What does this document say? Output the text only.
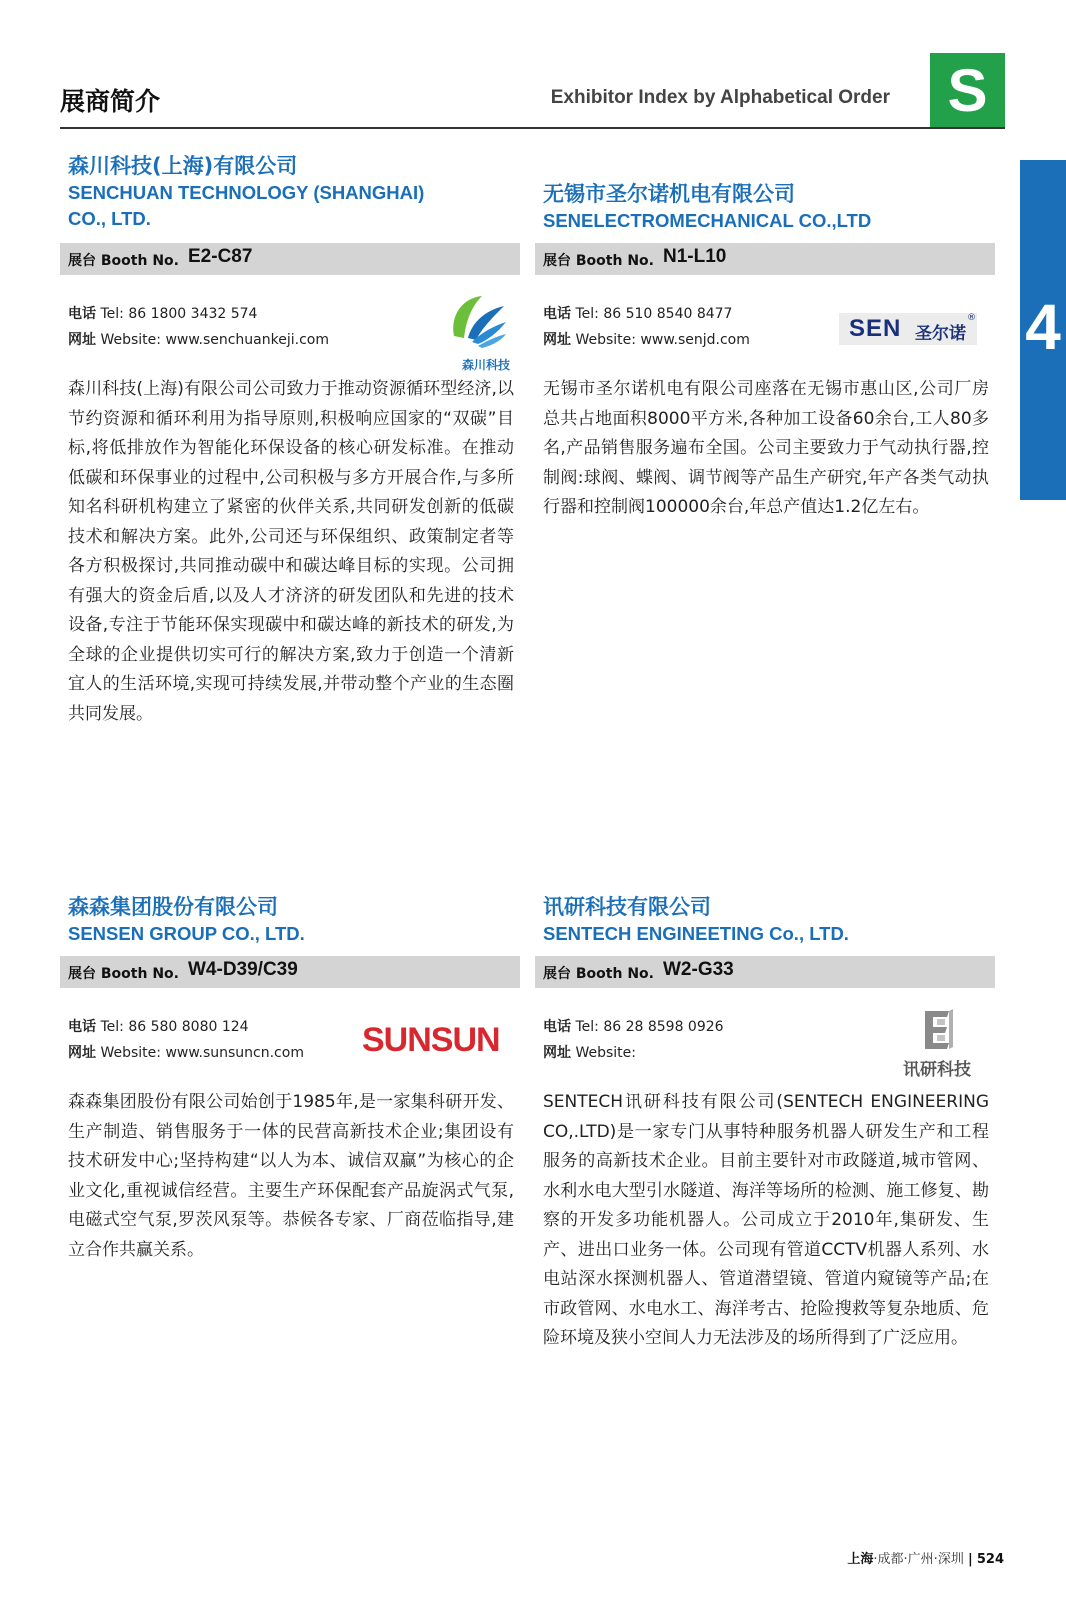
展商简介	Exhibitor Index by Alphabetical Order S
4
森川科技(上海)有限公司
SENCHUAN TECHNOLOGY (SHANGHAI)
CO., LTD.
展台 Booth No. E2-C87
电话 Tel: 86 1800 3432 574
网址 Website: www.senchuankeji.com
森川科技
森川科技(上海)有限公司公司致力于推动资源循环型经济,以节约资源和循环利用为指导原则,积极响应国家的“双碳”目标,将低排放作为智能化环保设备的核心研发标准。在推动低碳和环保事业的过程中,公司积极与多方开展合作,与多所知名科研机构建立了紧密的伙伴关系,共同研发创新的低碳技术和解决方案。此外,公司还与环保组织、政策制定者等各方积极探讨,共同推动碳中和碳达峰目标的实现。公司拥有强大的资金后盾,以及人才济济的研发团队和先进的技术设备,专注于节能环保实现碳中和碳达峰的新技术的研发,为全球的企业提供切实可行的解决方案,致力于创造一个清新宜人的生活环境,实现可持续发展,并带动整个产业的生态圈共同发展。
无锡市圣尔诺机电有限公司
SENELECTROMECHANICAL CO.,LTD
展台 Booth No. N1-L10
电话 Tel: 86 510 8540 8477
网址 Website: www.senjd.com	SEN 圣尔诺
®
无锡市圣尔诺机电有限公司座落在无锡市惠山区,公司厂房总共占地面积8000平方米,各种加工设备60余台,工人80多名,产品销售服务遍布全国。公司主要致力于气动执行器,控制阀:球阀、蝶阀、调节阀等产品生产研究,年产各类气动执行器和控制阀100000余台,年总产值达1.2亿左右。
森森集团股份有限公司
SENSEN GROUP CO., LTD.
展台 Booth No. W4-D39/C39
电话 Tel: 86 580 8080 124
网址 Website: www.sunsuncn.com SUNSUN
森森集团股份有限公司始创于1985年,是一家集科研开发、生产制造、销售服务于一体的民营高新技术企业;集团设有技术研发中心;坚持构建“以人为本、诚信双赢”为核心的企业文化,重视诚信经营。主要生产环保配套产品旋涡式气泵,电磁式空气泵,罗茨风泵等。恭候各专家、厂商莅临指导,建立合作共赢关系。
讯研科技有限公司
SENTECH ENGINEETING Co., LTD.
展台 Booth No. W2-G33
电话 Tel: 86 28 8598 0926
网址 Website:
讯研科技
SENTECH讯研科技有限公司(SENTECH ENGINEERING CO,.LTD)是一家专门从事特种服务机器人研发生产和工程服务的高新技术企业。目前主要针对市政隧道,城市管网、水利水电大型引水隧道、海洋等场所的检测、施工修复、勘察的开发多功能机器人。公司成立于2010年,集研发、生产、进出口业务一体。公司现有管道CCTV机器人系列、水电站深水探测机器人、管道潜望镜、管道内窥镜等产品;在市政管网、水电水工、海洋考古、抢险搜救等复杂地质、危险环境及狭小空间人力无法涉及的场所得到了广泛应用。
上海·成都·广州·深圳 | 524
